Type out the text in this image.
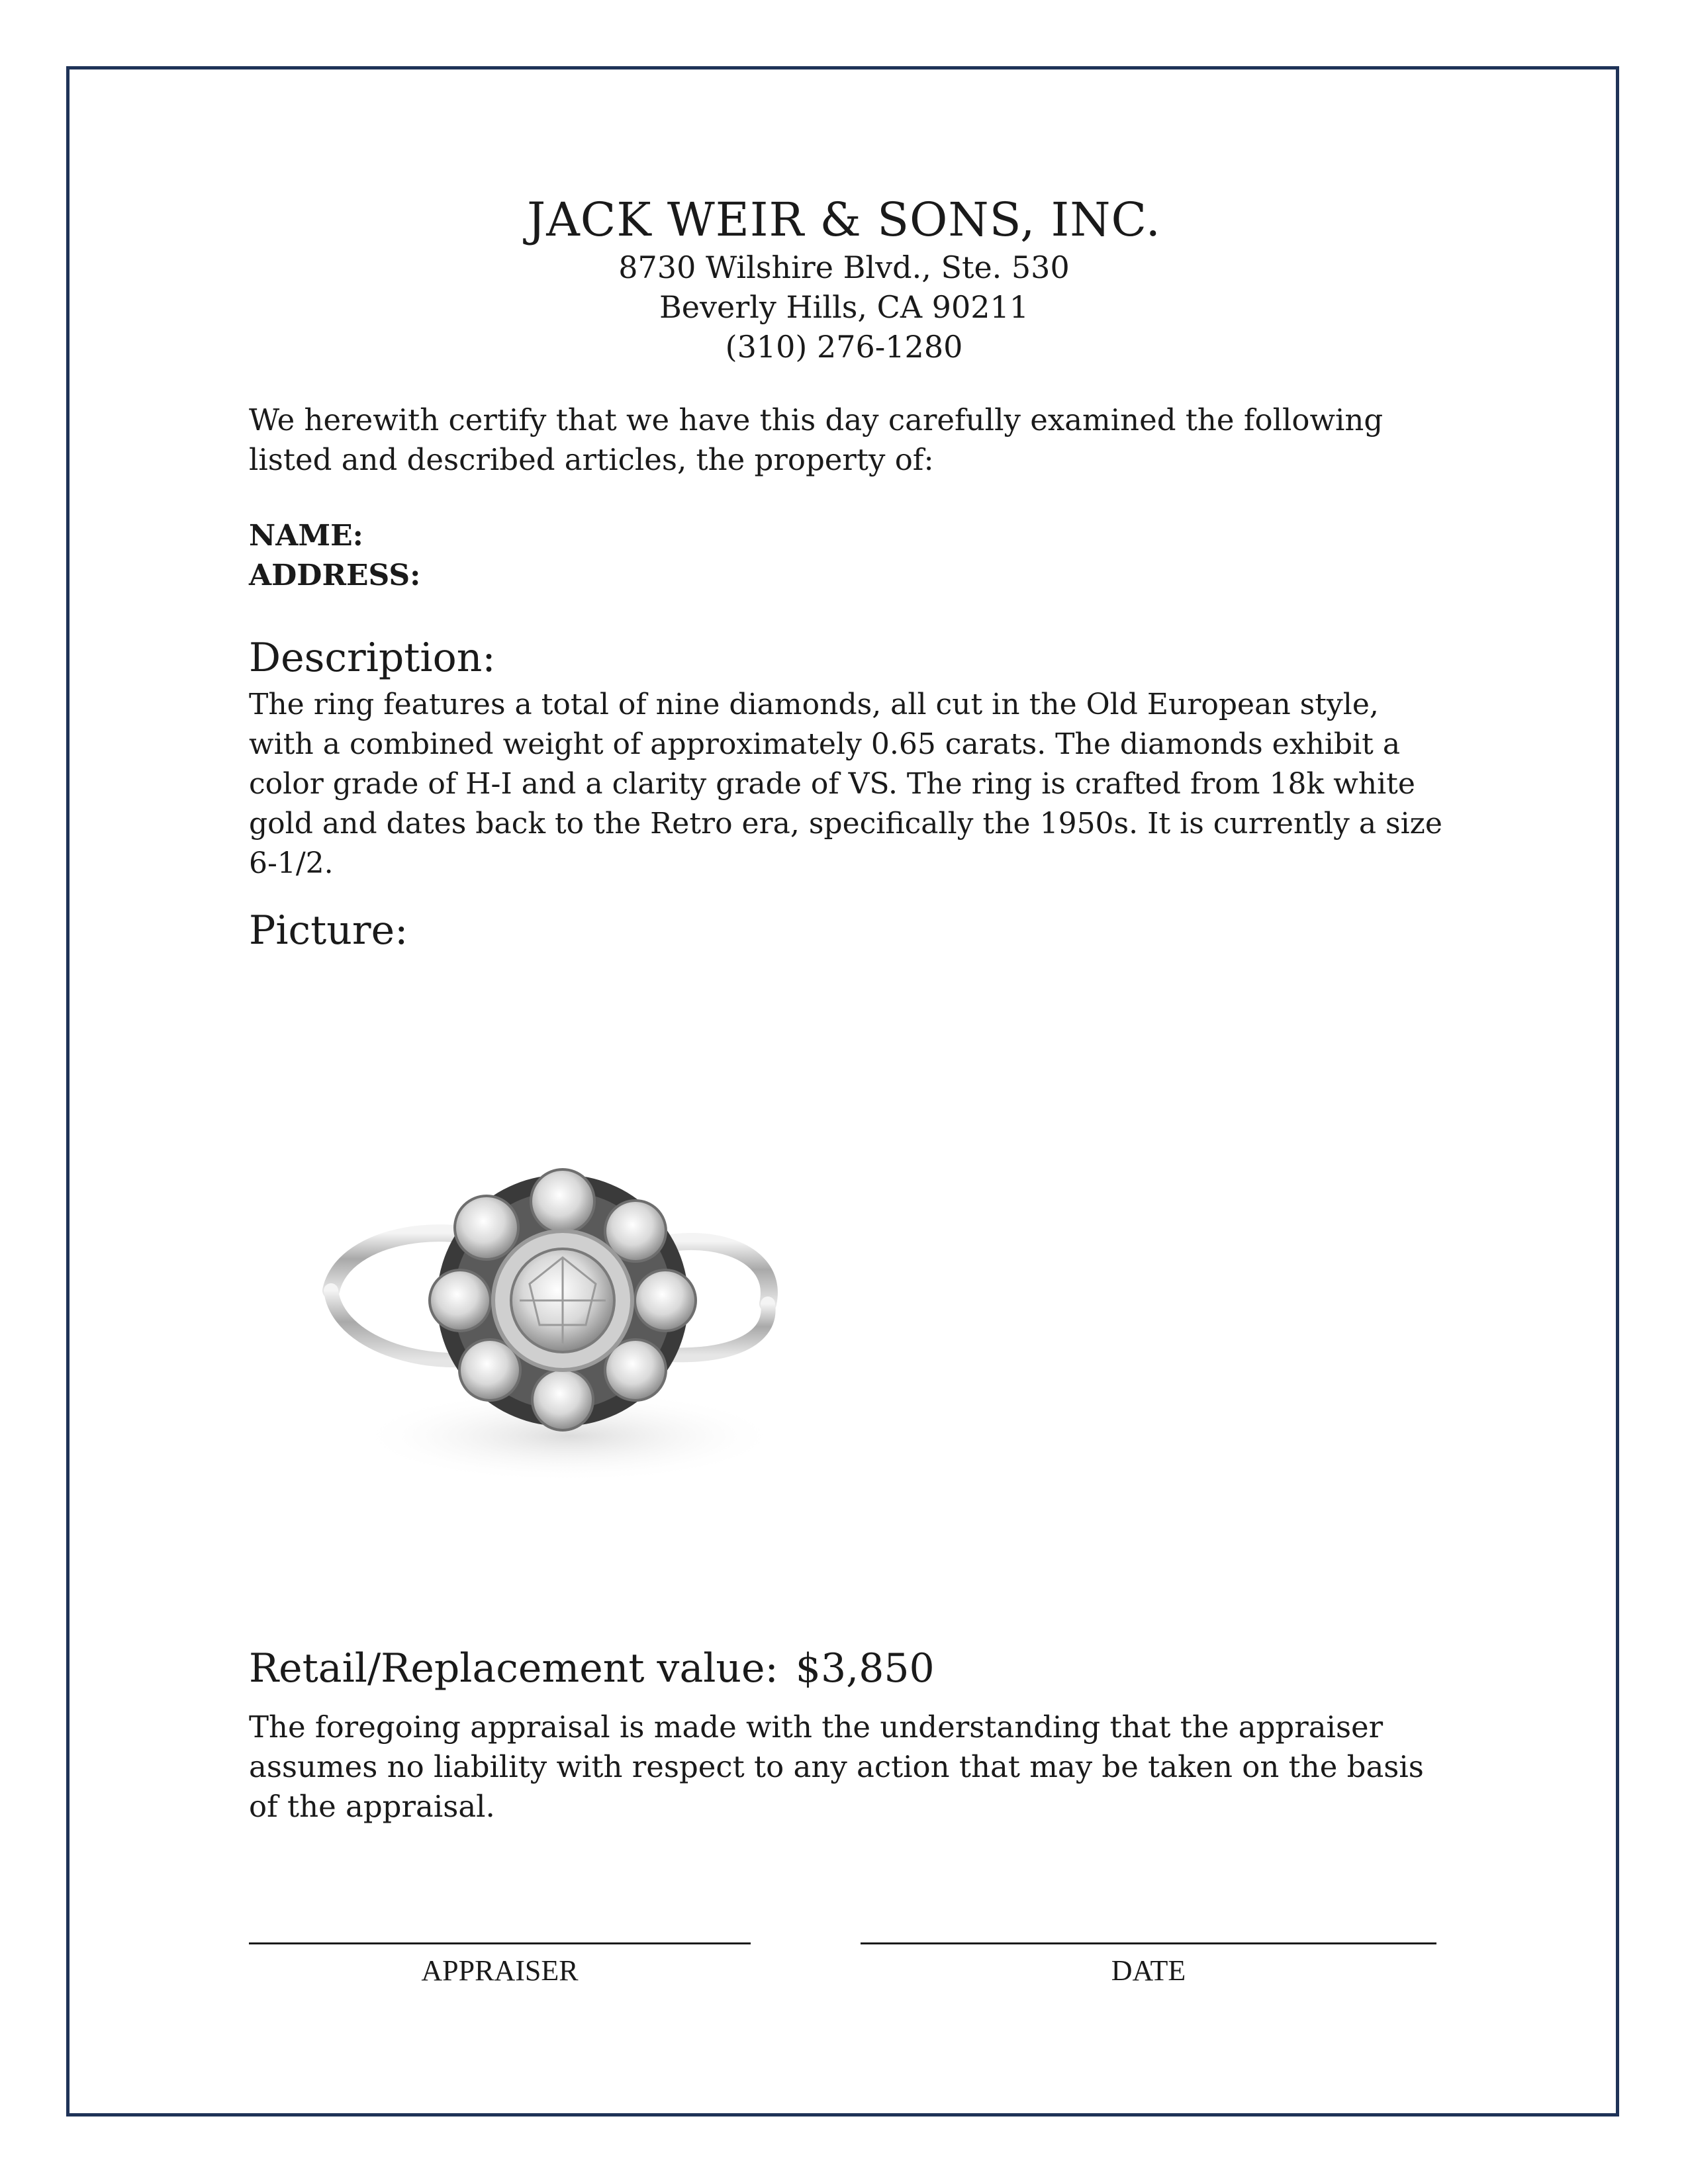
JACK WEIR & SONS, INC.
8730 Wilshire Blvd., Ste. 530
Beverly Hills, CA 90211
(310) 276-1280
We herewith certify that we have this day carefully examined the following listed and described articles, the property of:
NAME:
ADDRESS:
Description:
The ring features a total of nine diamonds, all cut in the Old European style, with a combined weight of approximately 0.65 carats. The diamonds exhibit a color grade of H-I and a clarity grade of VS. The ring is crafted from 18k white gold and dates back to the Retro era, specifically the 1950s. It is currently a size 6-1/2.
Picture:
Retail/Replacement value: $3,850
The foregoing appraisal is made with the understanding that the appraiser assumes no liability with respect to any action that may be taken on the basis of the appraisal.
APPRAISER	DATE
